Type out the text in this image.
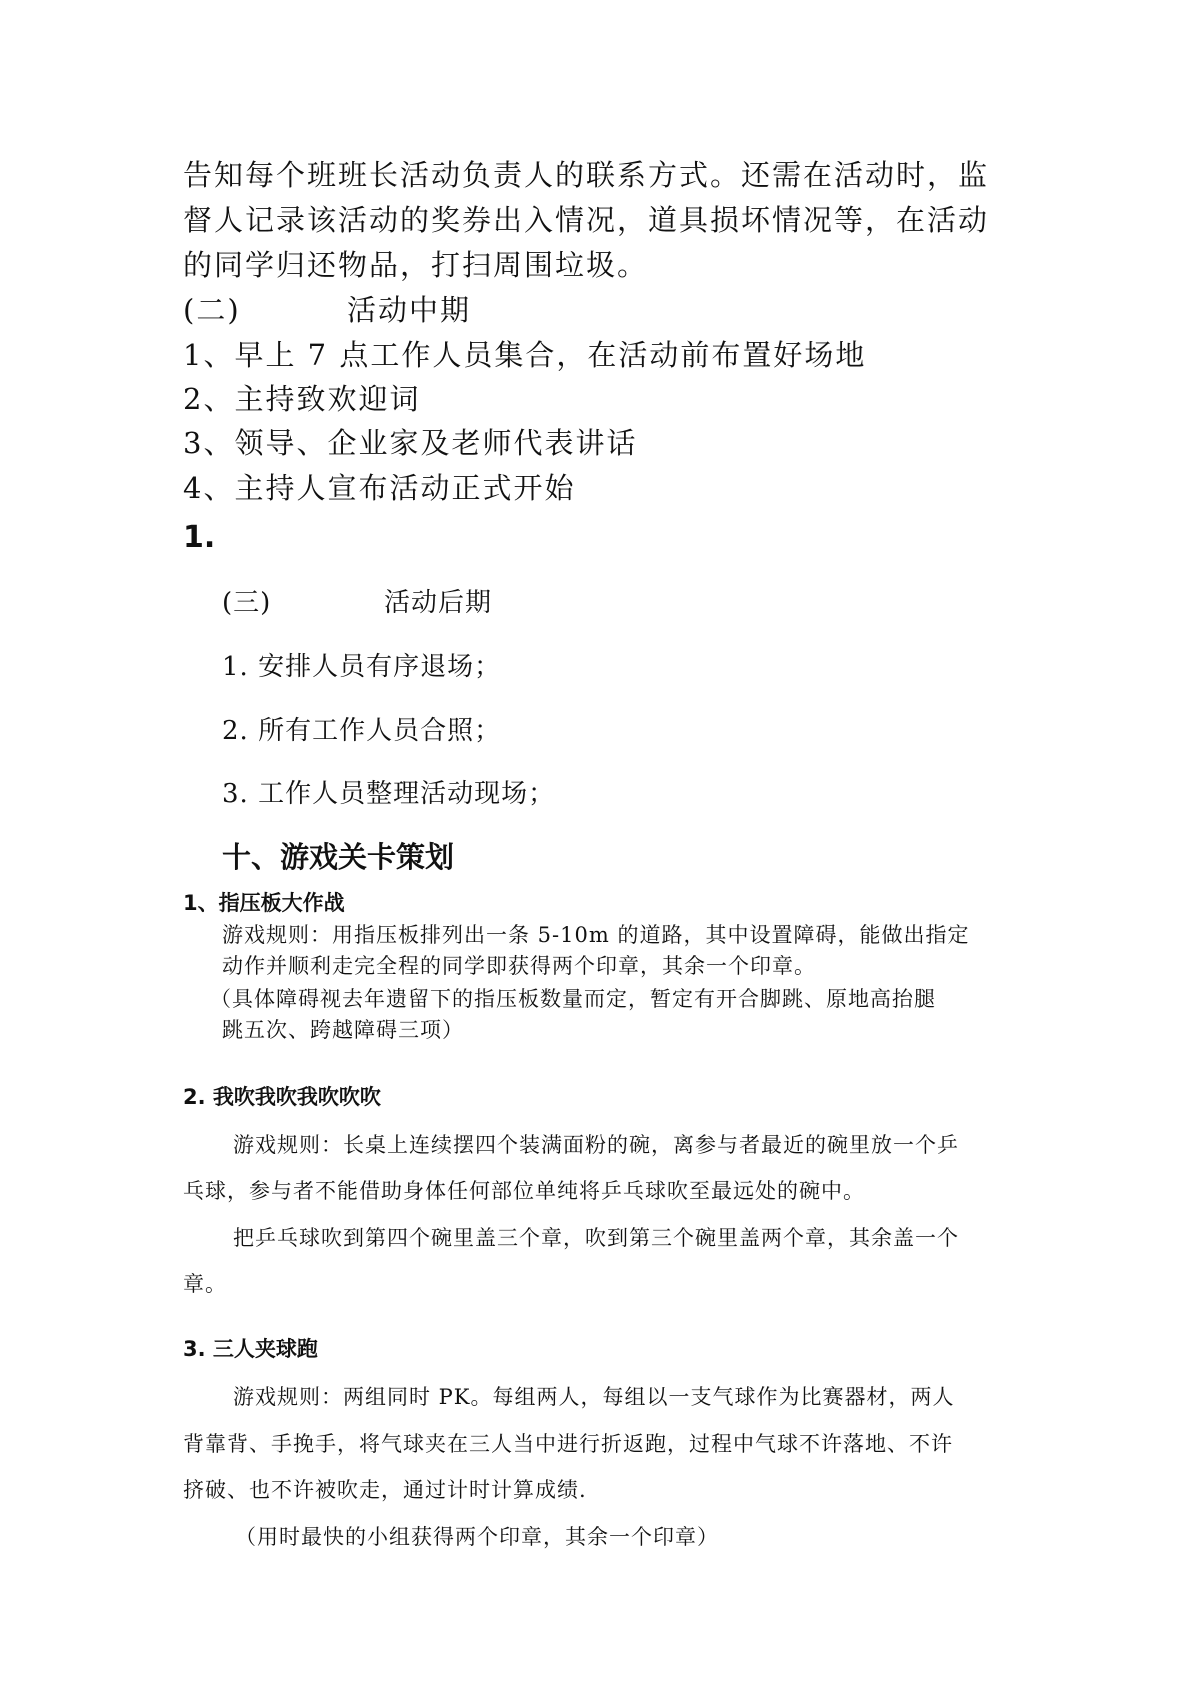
告知每个班班长活动负责人的联系方式。还需在活动时，监

督人记录该活动的奖券出入情况，道具损坏情况等，在活动

的同学归还物品，打扫周围垃圾。

(二)	活动中期

1、早上 7 点工作人员集合，在活动前布置好场地

2、主持致欢迎词

3、领导、企业家及老师代表讲话

4、主持人宣布活动正式开始

1.

(三)	活动后期

1. 安排人员有序退场；

2. 所有工作人员合照；

3. 工作人员整理活动现场；

十、游戏关卡策划

1、指压板大作战

游戏规则：用指压板排列出一条 5-10m 的道路，其中设置障碍，能做出指定

动作并顺利走完全程的同学即获得两个印章，其余一个印章。

（具体障碍视去年遗留下的指压板数量而定，暂定有开合脚跳、原地高抬腿

跳五次、跨越障碍三项）

2. 我吹我吹我吹吹吹

游戏规则：长桌上连续摆四个装满面粉的碗，离参与者最近的碗里放一个乒

乓球，参与者不能借助身体任何部位单纯将乒乓球吹至最远处的碗中。

把乒乓球吹到第四个碗里盖三个章，吹到第三个碗里盖两个章，其余盖一个

章。

3. 三人夹球跑

游戏规则：两组同时 PK。每组两人，每组以一支气球作为比赛器材，两人

背靠背、手挽手，将气球夹在三人当中进行折返跑，过程中气球不许落地、不许

挤破、也不许被吹走，通过计时计算成绩.

（用时最快的小组获得两个印章，其余一个印章）
